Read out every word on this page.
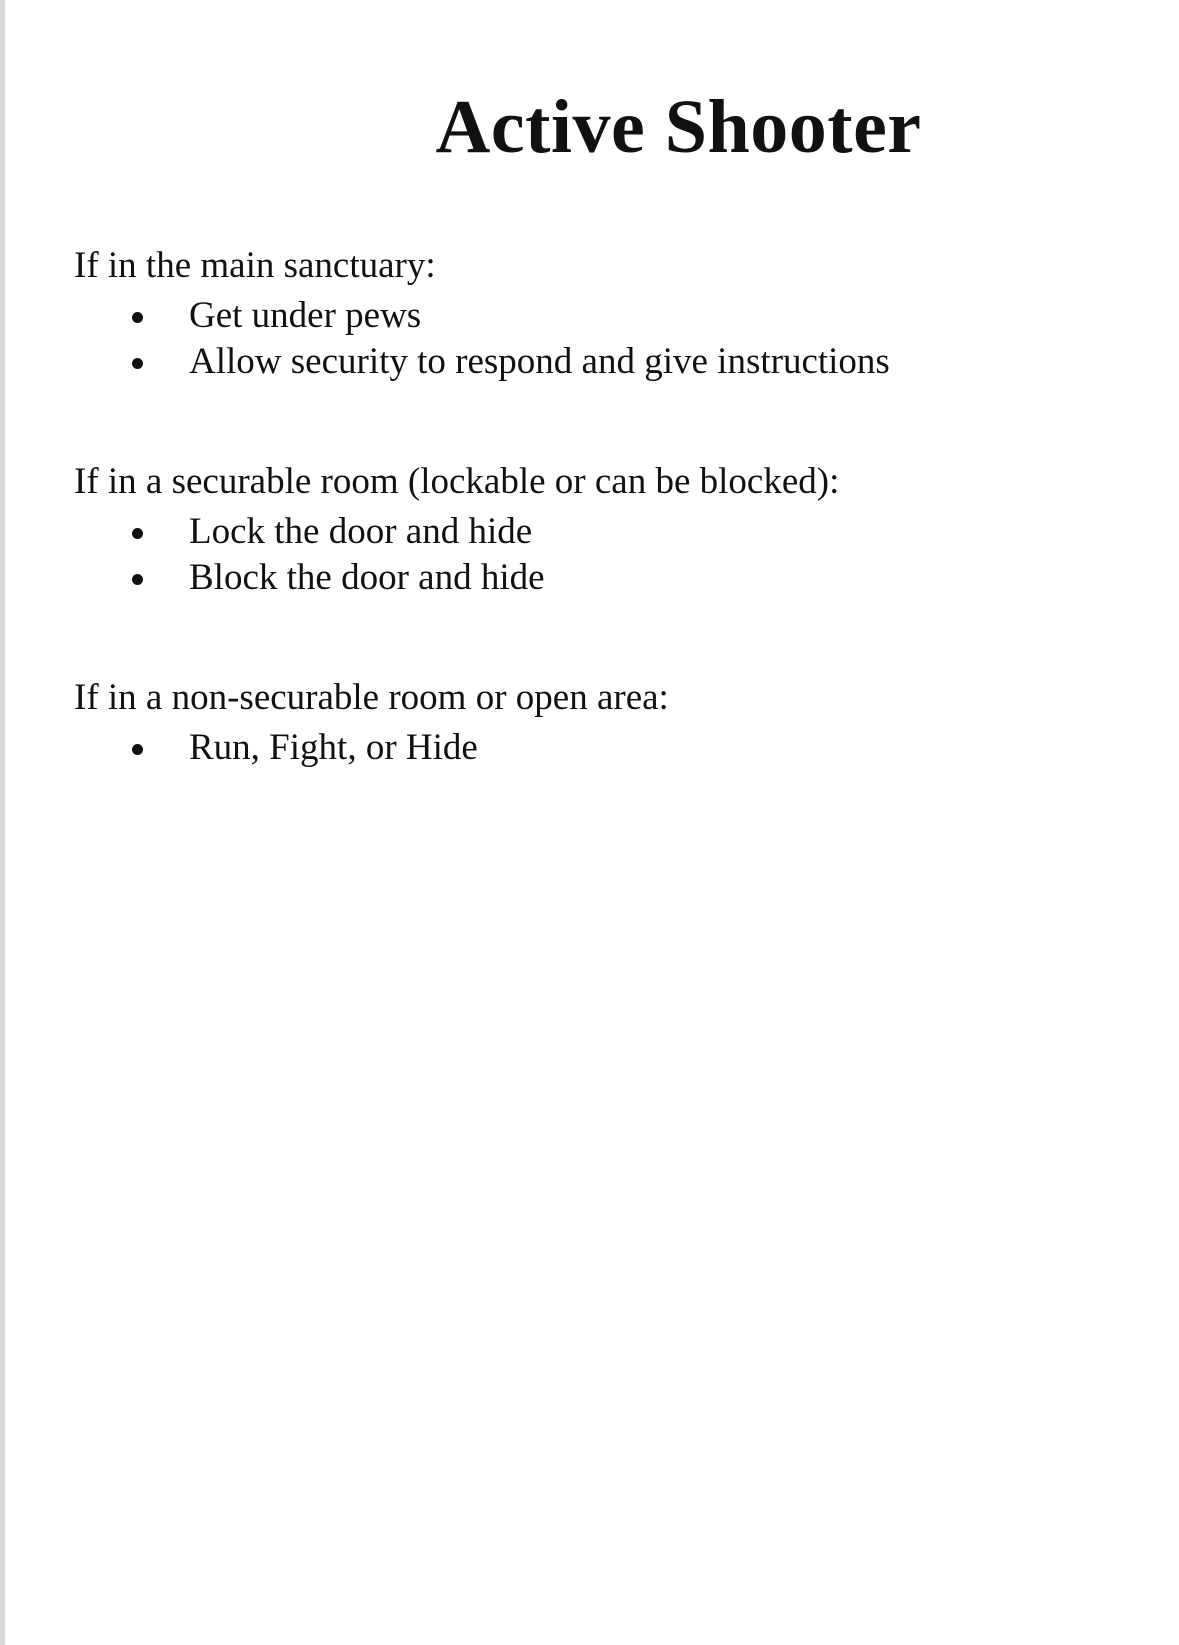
Active Shooter

If in the main sanctuary:

Get under pews
Allow security to respond and give instructions

If in a securable room (lockable or can be blocked):

Lock the door and hide
Block the door and hide

If in a non-securable room or open area:

Run, Fight, or Hide
